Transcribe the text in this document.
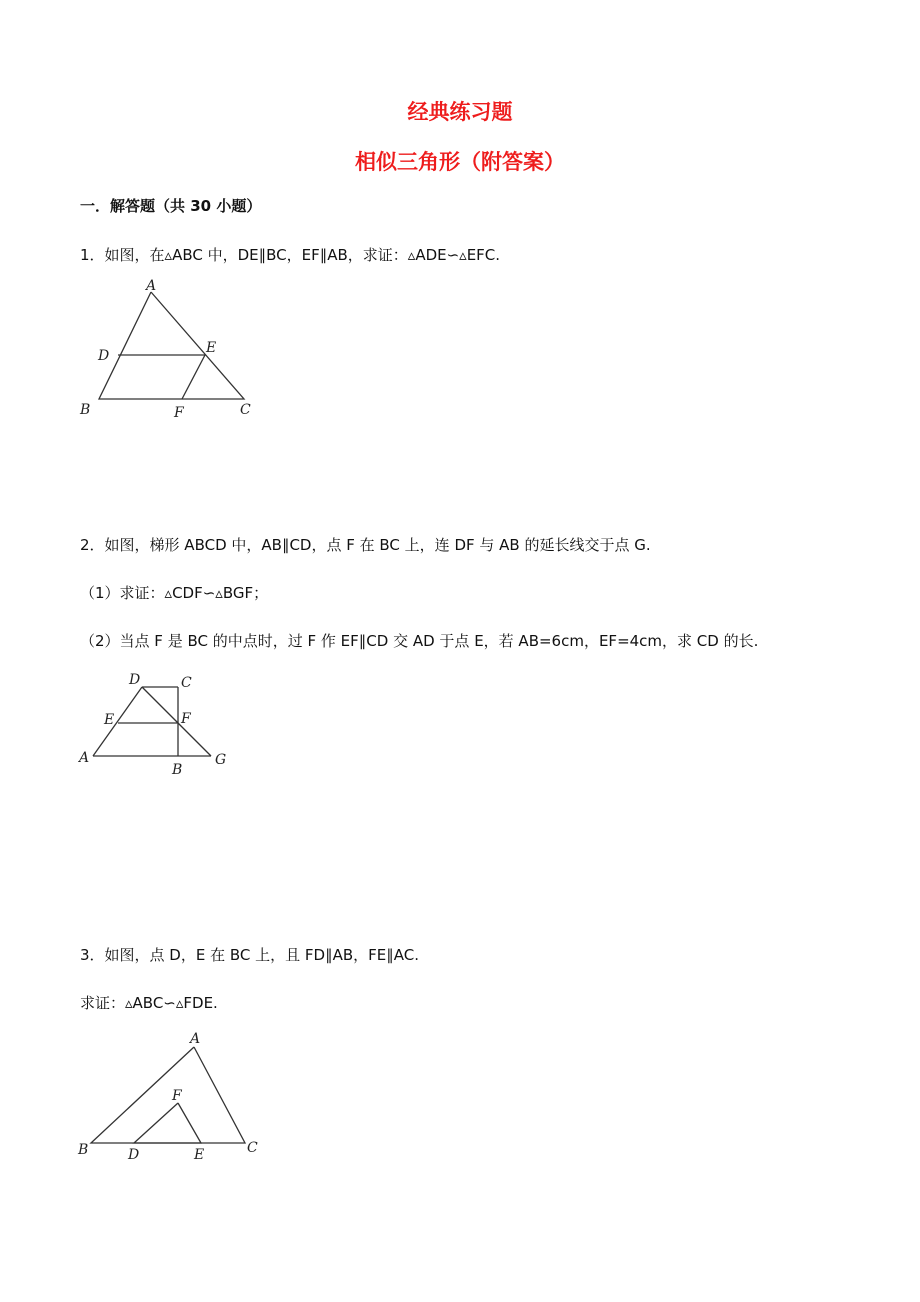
经典练习题
相似三角形（附答案）
一．解答题（共 30 小题）
1．如图，在▵ABC 中，DE∥BC，EF∥AB，求证：▵ADE∽▵EFC.
A
B	C
D	E
F
2．如图，梯形 ABCD 中，AB∥CD，点 F 在 BC 上，连 DF 与 AB 的延长线交于点 G.
（1）求证：▵CDF∽▵BGF；
（2）当点 F 是 BC 的中点时，过 F 作 EF∥CD 交 AD 于点 E，若 AB=6cm，EF=4cm，求 CD 的长.
A
B
C
D
E	F
G
3．如图，点 D，E 在 BC 上，且 FD∥AB，FE∥AC.
求证：▵ABC∽▵FDE.
A
B	C
D	E
F
